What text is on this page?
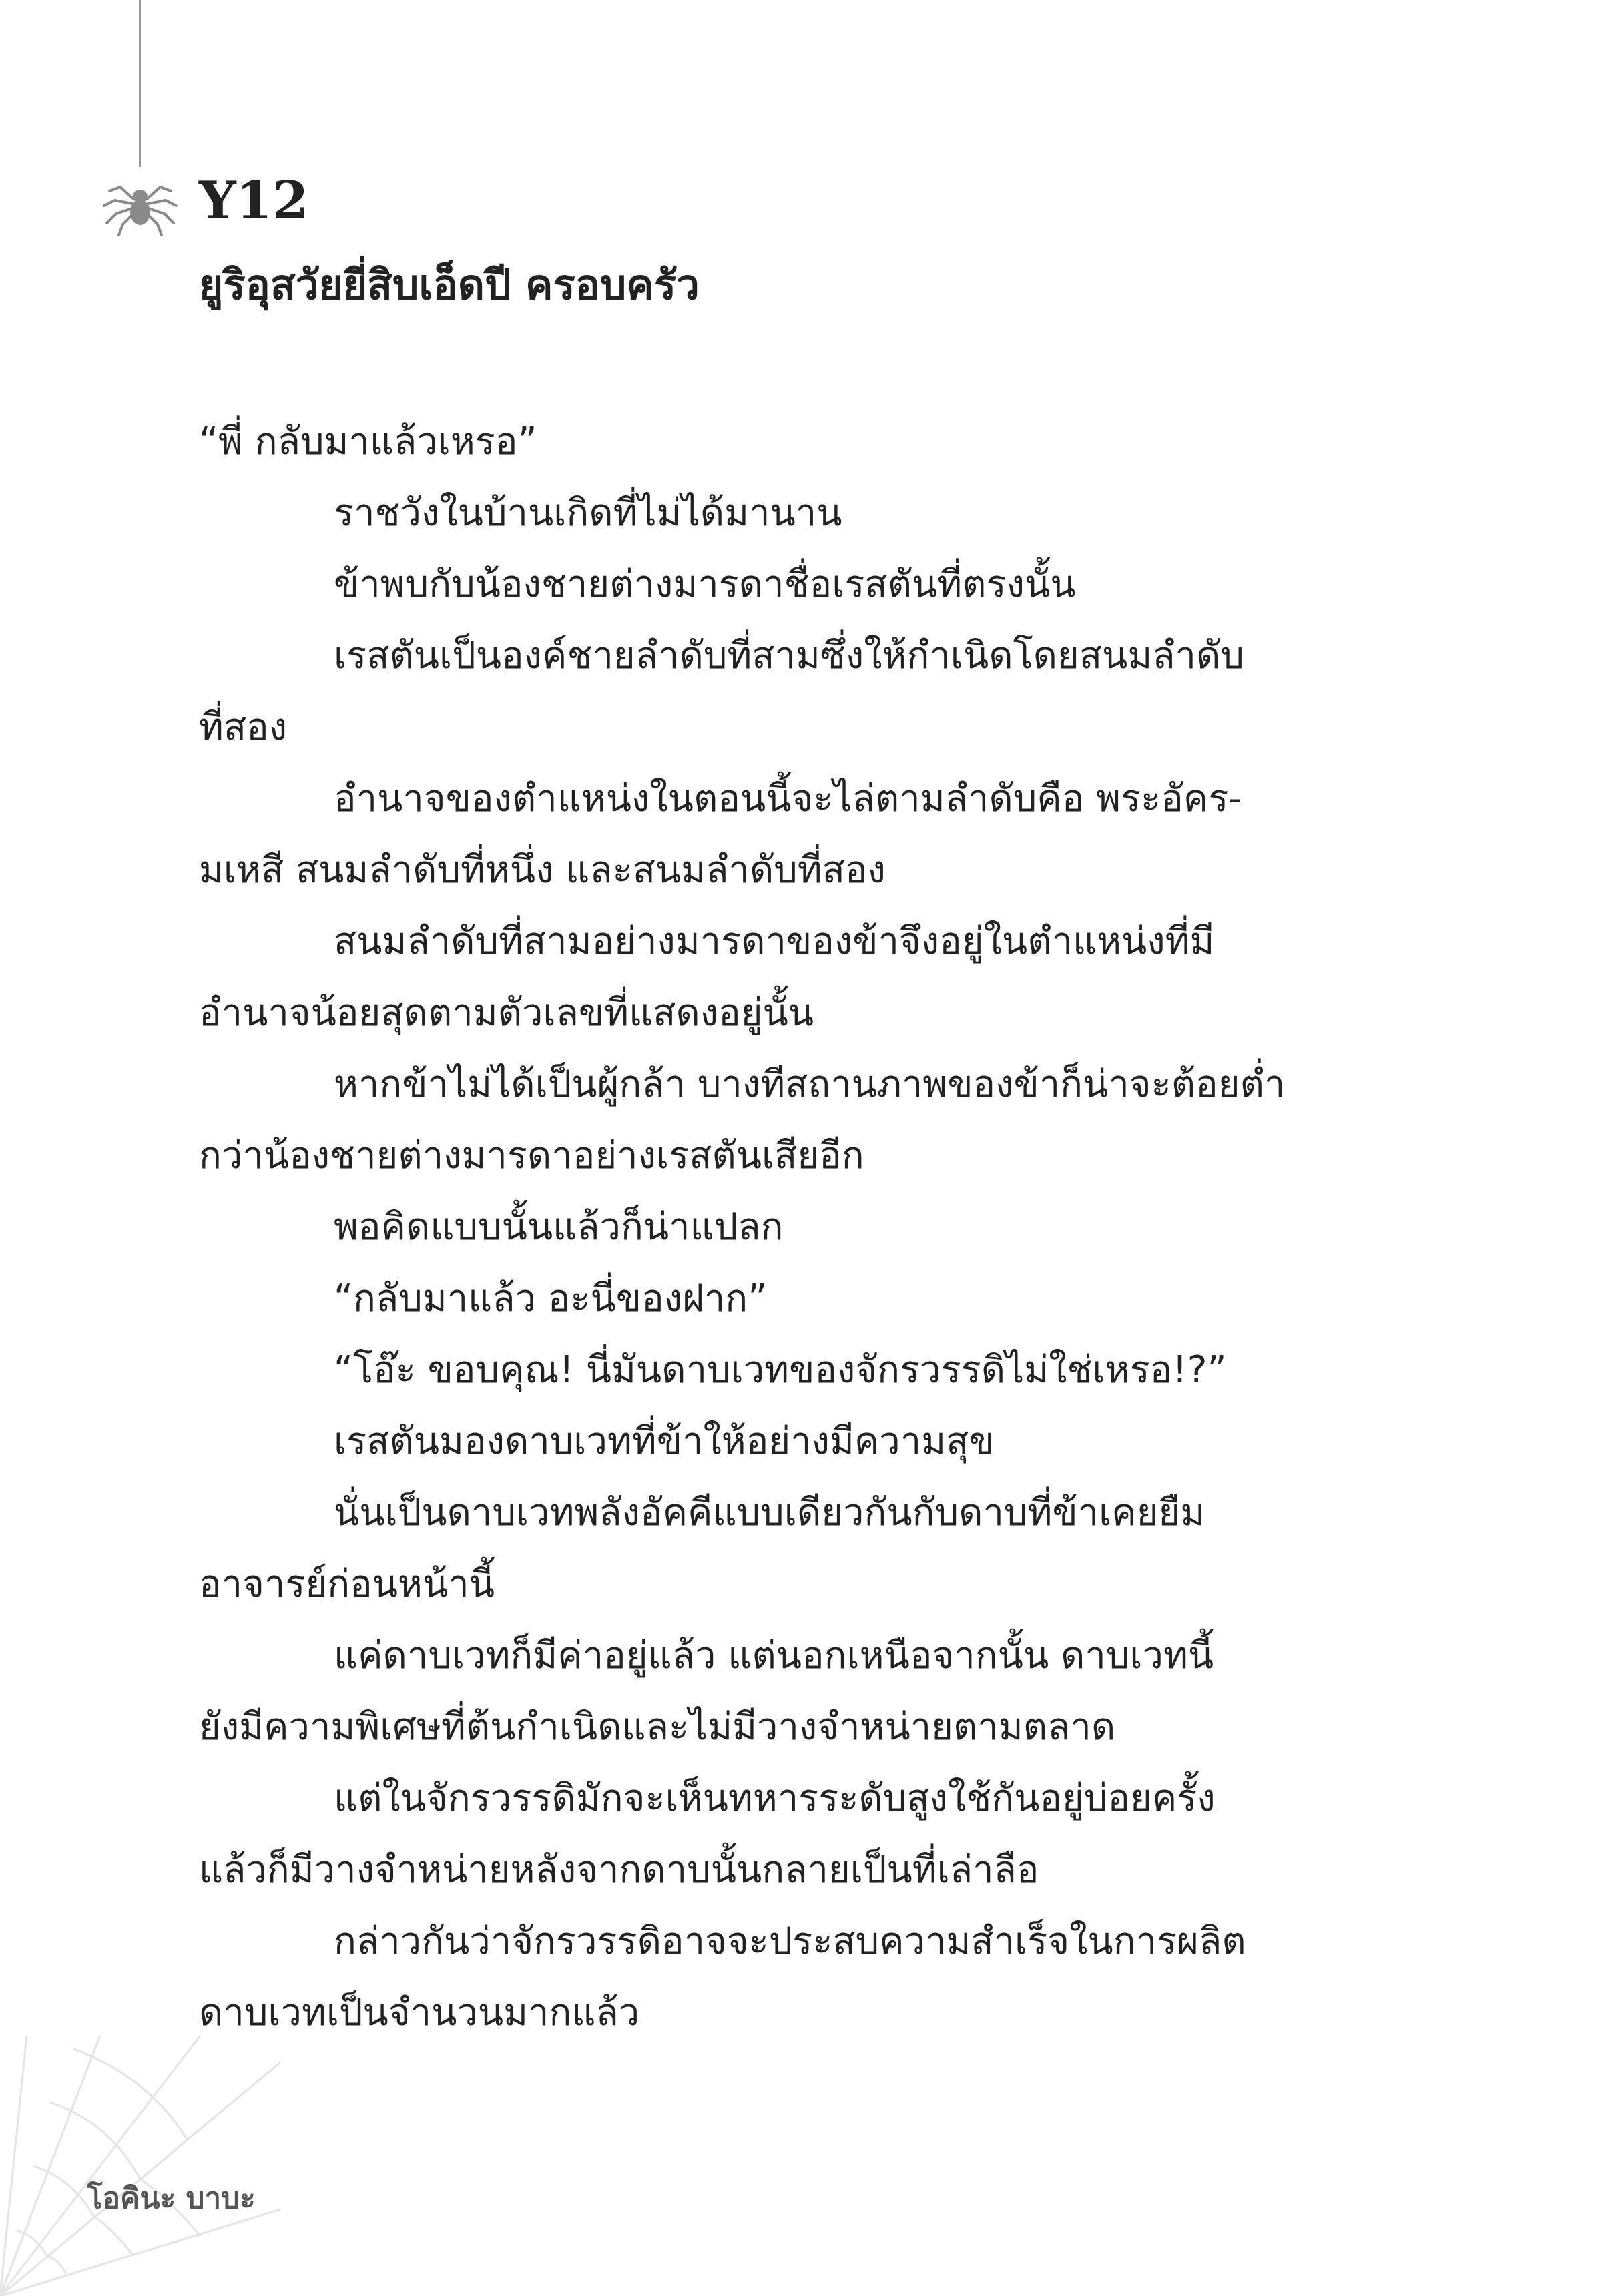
Y12
ยูริอุสวัยยี่สิบเอ็ดปี ครอบครัว
“พี่ กลับมาแล้วเหรอ”
ราชวังในบ้านเกิดที่ไม่ได้มานาน
ข้าพบกับน้องชายต่างมารดาชื่อเรสตันที่ตรงนั้น
เรสตันเป็นองค์ชายลำดับที่สามซึ่งให้กำเนิดโดยสนมลำดับ
ที่สอง
อำนาจของตำแหน่งในตอนนี้จะไล่ตามลำดับคือ พระอัคร-
มเหสี สนมลำดับที่หนึ่ง และสนมลำดับที่สอง
สนมลำดับที่สามอย่างมารดาของข้าจึงอยู่ในตำแหน่งที่มี
อำนาจน้อยสุดตามตัวเลขที่แสดงอยู่นั้น
หากข้าไม่ได้เป็นผู้กล้า บางทีสถานภาพของข้าก็น่าจะต้อยต่ำ
กว่าน้องชายต่างมารดาอย่างเรสตันเสียอีก
พอคิดแบบนั้นแล้วก็น่าแปลก
“กลับมาแล้ว อะนี่ของฝาก”
“โอ๊ะ ขอบคุณ! นี่มันดาบเวทของจักรวรรดิไม่ใช่เหรอ!?”
เรสตันมองดาบเวทที่ข้าให้อย่างมีความสุข
นั่นเป็นดาบเวทพลังอัคคีแบบเดียวกันกับดาบที่ข้าเคยยืม
อาจารย์ก่อนหน้านี้
แค่ดาบเวทก็มีค่าอยู่แล้ว แต่นอกเหนือจากนั้น ดาบเวทนี้
ยังมีความพิเศษที่ต้นกำเนิดและไม่มีวางจำหน่ายตามตลาด
แต่ในจักรวรรดิมักจะเห็นทหารระดับสูงใช้กันอยู่บ่อยครั้ง
แล้วก็มีวางจำหน่ายหลังจากดาบนั้นกลายเป็นที่เล่าลือ
กล่าวกันว่าจักรวรรดิอาจจะประสบความสำเร็จในการผลิต
ดาบเวทเป็นจำนวนมากแล้ว
โอคินะ บาบะ
